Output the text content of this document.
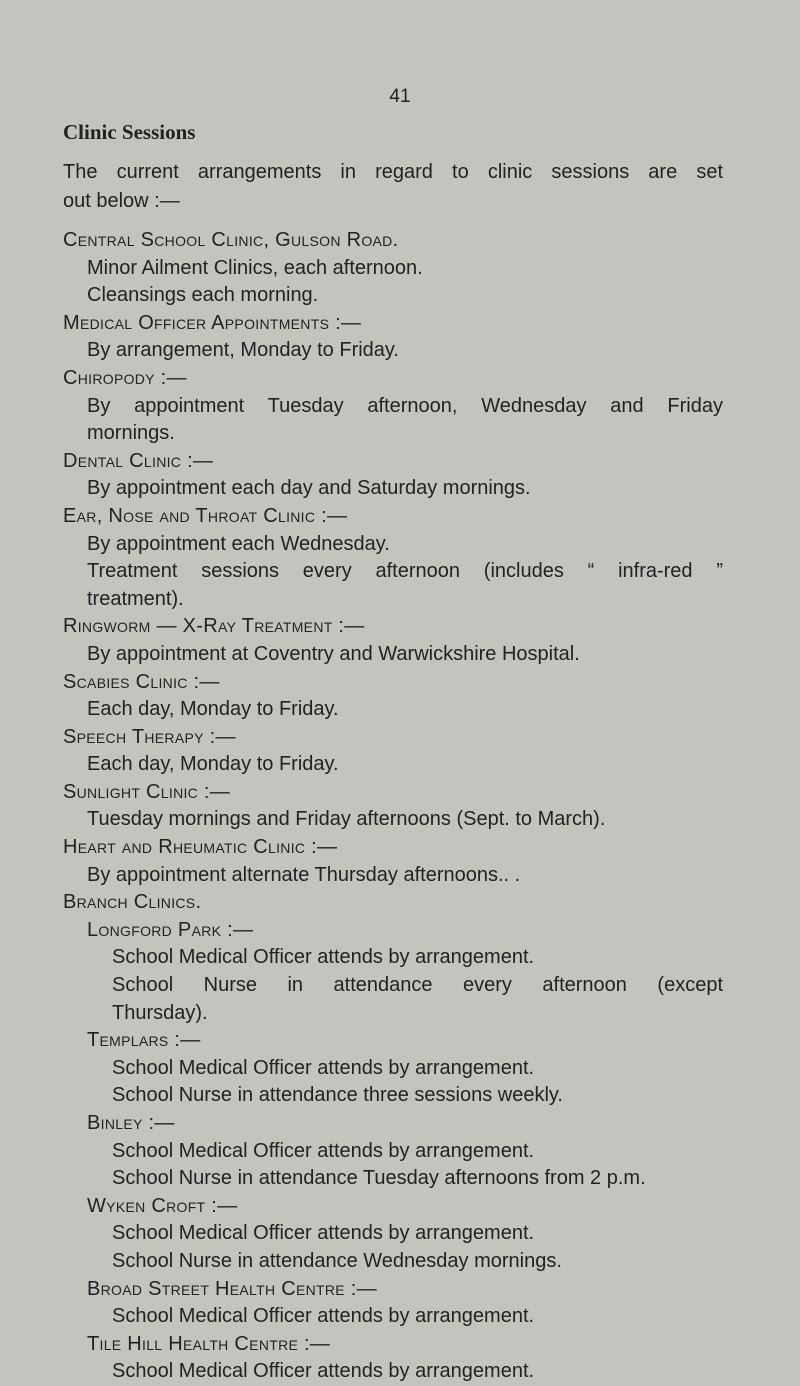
41
Clinic Sessions
The current arrangements in regard to clinic sessions are set
out below :—
Central School Clinic, Gulson Road.
Minor Ailment Clinics, each afternoon.
Cleansings each morning.
Medical Officer Appointments :—
By arrangement, Monday to Friday.
Chiropody :—
By appointment Tuesday afternoon, Wednesday and Friday
mornings.
Dental Clinic :—
By appointment each day and Saturday mornings.
Ear, Nose and Throat Clinic :—
By appointment each Wednesday.
Treatment sessions every afternoon (includes “ infra-red ”
treatment).
Ringworm — X-Ray Treatment :—
By appointment at Coventry and Warwickshire Hospital.
Scabies Clinic :—
Each day, Monday to Friday.
Speech Therapy :—
Each day, Monday to Friday.
Sunlight Clinic :—
Tuesday mornings and Friday afternoons (Sept. to March).
Heart and Rheumatic Clinic :—
By appointment alternate Thursday afternoons.. .
Branch Clinics.
Longford Park :—
School Medical Officer attends by arrangement.
School Nurse in attendance every afternoon (except
Thursday).
Templars :—
School Medical Officer attends by arrangement.
School Nurse in attendance three sessions weekly.
Binley :—
School Medical Officer attends by arrangement.
School Nurse in attendance Tuesday afternoons from 2 p.m.
Wyken Croft :—
School Medical Officer attends by arrangement.
School Nurse in attendance Wednesday mornings.
Broad Street Health Centre :—
School Medical Officer attends by arrangement.
Tile Hill Health Centre :—
School Medical Officer attends by arrangement.
